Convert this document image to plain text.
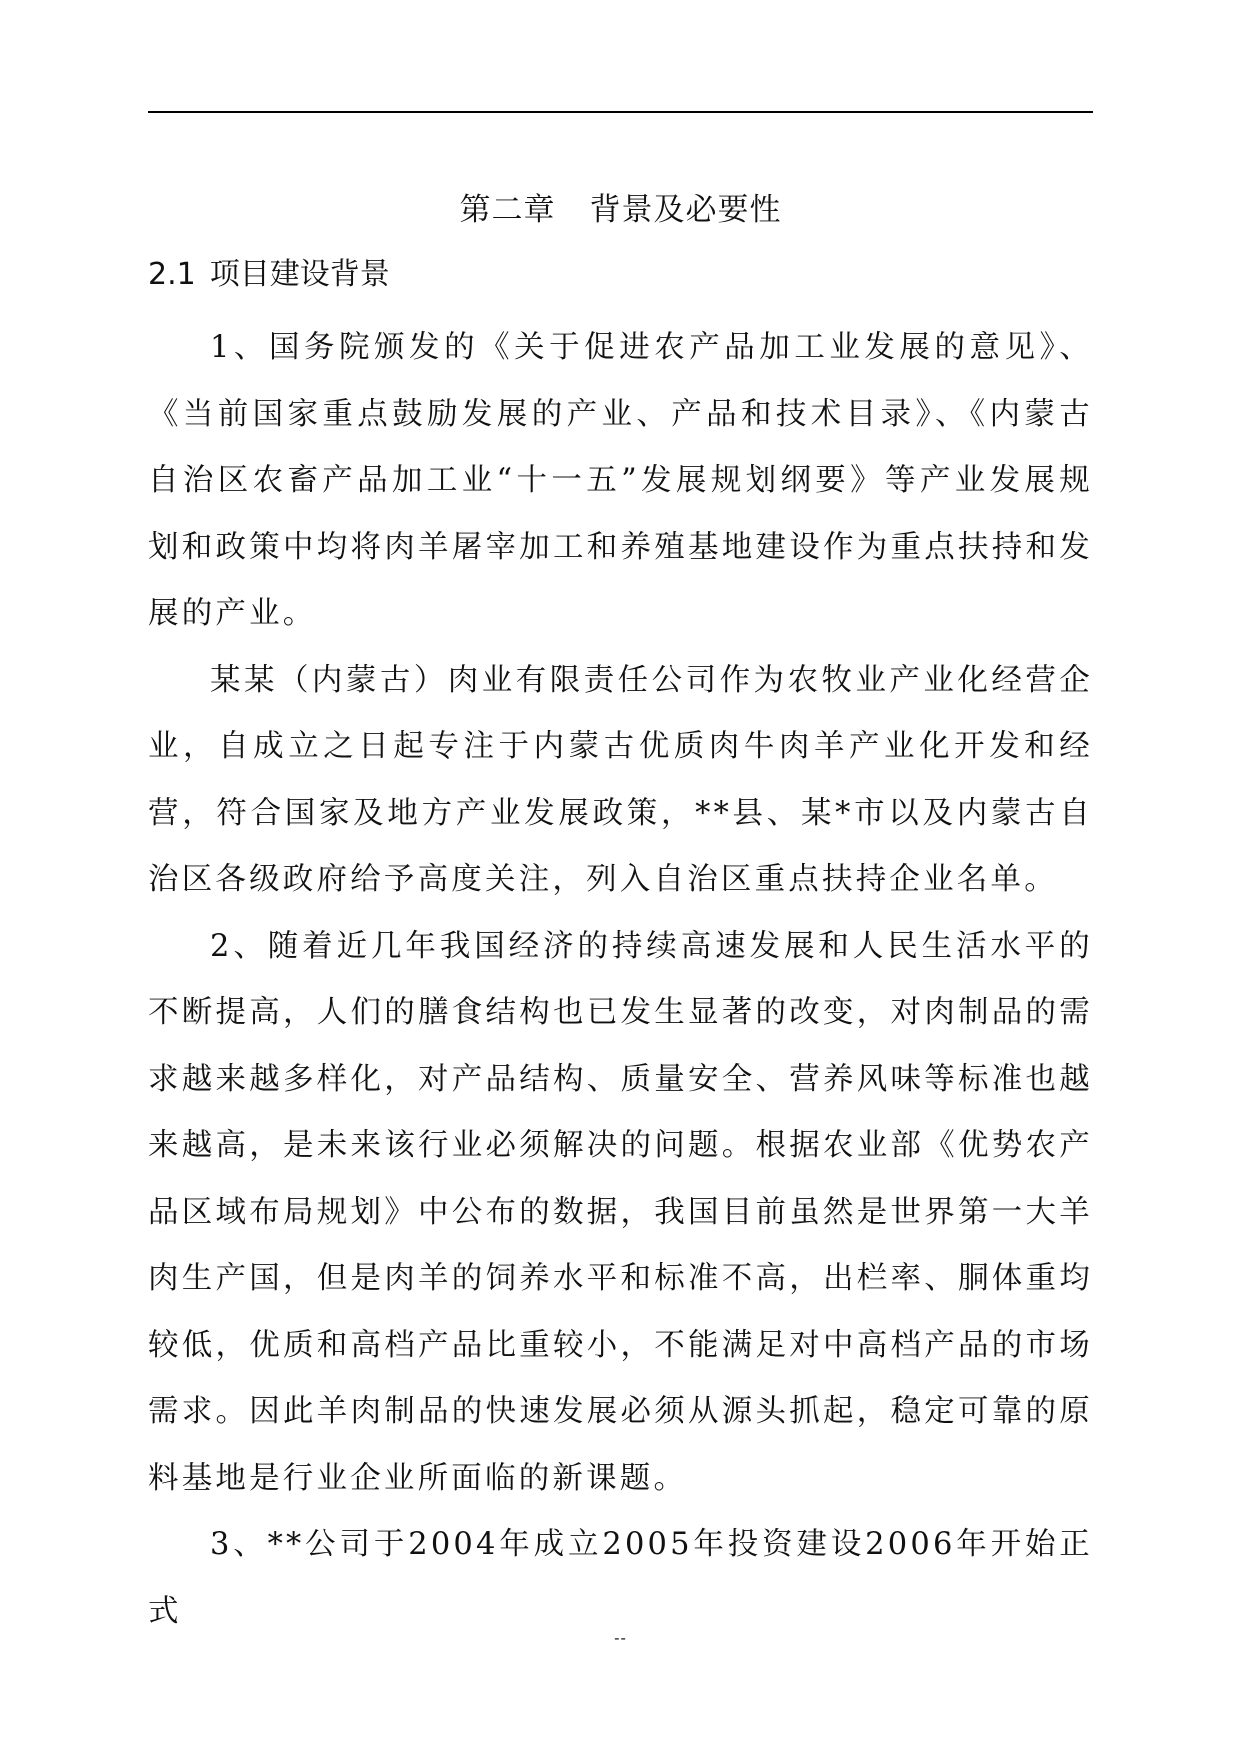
第二章 背景及必要性
2.1 项目建设背景

1、国务院颁发的《关于促进农产品加工业发展的意见》、《当前国家重点鼓励发展的产业、产品和技术目录》、《内蒙古自治区农畜产品加工业“十一五”发展规划纲要》等产业发展规划和政策中均将肉羊屠宰加工和养殖基地建设作为重点扶持和发展的产业。

某某（内蒙古）肉业有限责任公司作为农牧业产业化经营企业，自成立之日起专注于内蒙古优质肉牛肉羊产业化开发和经营，符合国家及地方产业发展政策，**县、某*市以及内蒙古自治区各级政府给予高度关注，列入自治区重点扶持企业名单。

2、随着近几年我国经济的持续高速发展和人民生活水平的不断提高，人们的膳食结构也已发生显著的改变，对肉制品的需求越来越多样化，对产品结构、质量安全、营养风味等标准也越来越高，是未来该行业必须解决的问题。根据农业部《优势农产品区域布局规划》中公布的数据，我国目前虽然是世界第一大羊肉生产国，但是肉羊的饲养水平和标准不高，出栏率、胴体重均较低，优质和高档产品比重较小，不能满足对中高档产品的市场需求。因此羊肉制品的快速发展必须从源头抓起，稳定可靠的原料基地是行业企业所面临的新课题。

3、**公司于2004年成立2005年投资建设2006年开始正式

--
